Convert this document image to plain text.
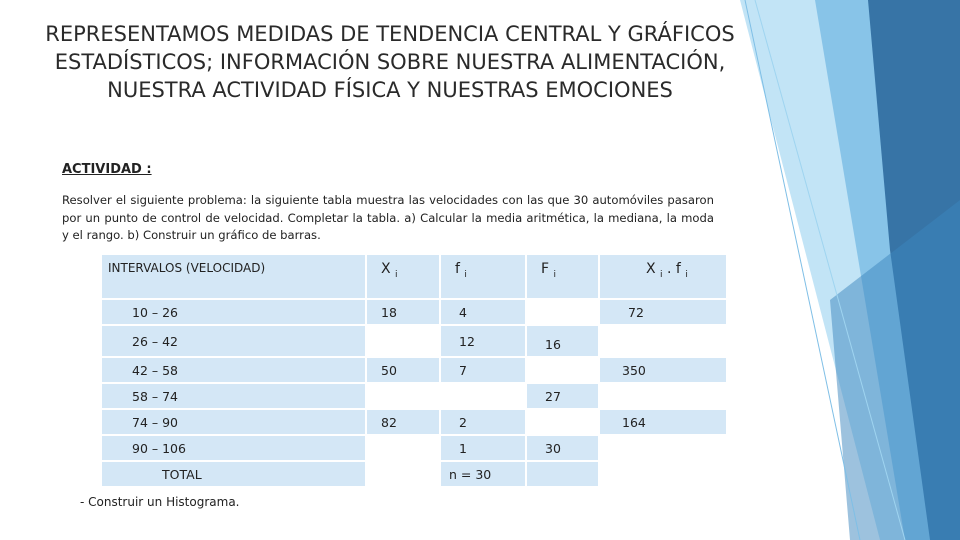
REPRESENTAMOS MEDIDAS DE TENDENCIA CENTRAL Y GRÁFICOS ESTADÍSTICOS; INFORMACIÓN SOBRE NUESTRA ALIMENTACIÓN, NUESTRA ACTIVIDAD FÍSICA Y NUESTRAS EMOCIONES
ACTIVIDAD :

Resolver el siguiente problema: la siguiente tabla muestra las velocidades con las que 30 automóviles pasaron por un punto de control de velocidad. Completar la tabla. a) Calcular la media aritmética, la mediana, la moda y el rango. b) Construir un gráfico de barras.

INTERVALOS (VELOCIDAD)	X $_i$	f $_i$	F $_i$	X $_i$ . f $_i$
10 – 26	18	4		72
26 – 42		12	16	
42 – 58	50	7		350
58 – 74			27	
74 – 90	82	2		164
90 – 106		1	30	
TOTAL		n = 30		
- Construir un Histograma.
